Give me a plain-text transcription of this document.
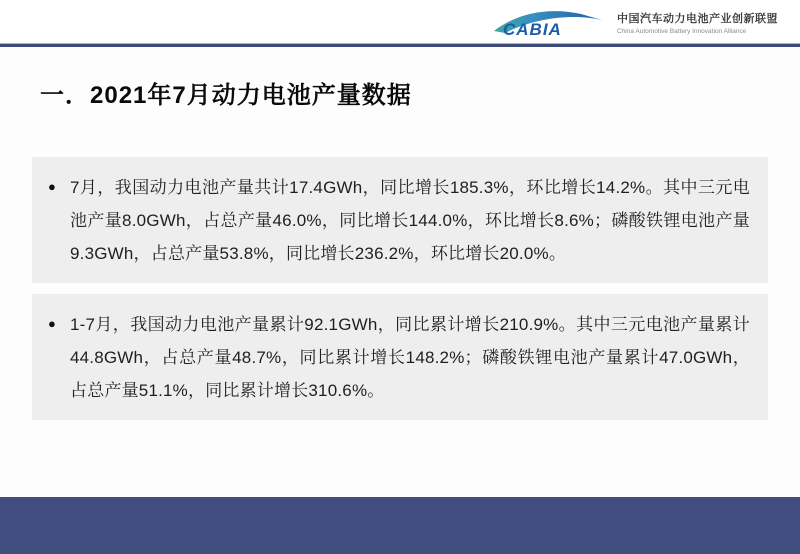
CABIA
中国汽车动力电池产业创新联盟
China Automotive Battery Innovation Alliance
一．2021年7月动力电池产量数据
● 7月，我国动力电池产量共计17.4GWh，同比增长185.3%，环比增长14.2%。其中三元电池产量8.0GWh，占总产量46.0%，同比增长144.0%，环比增长8.6%；磷酸铁锂电池产量9.3GWh，占总产量53.8%，同比增长236.2%，环比增长20.0%。
● 1-7月，我国动力电池产量累计92.1GWh，同比累计增长210.9%。其中三元电池产量累计44.8GWh，占总产量48.7%，同比累计增长148.2%；磷酸铁锂电池产量累计47.0GWh，占总产量51.1%，同比累计增长310.6%。
